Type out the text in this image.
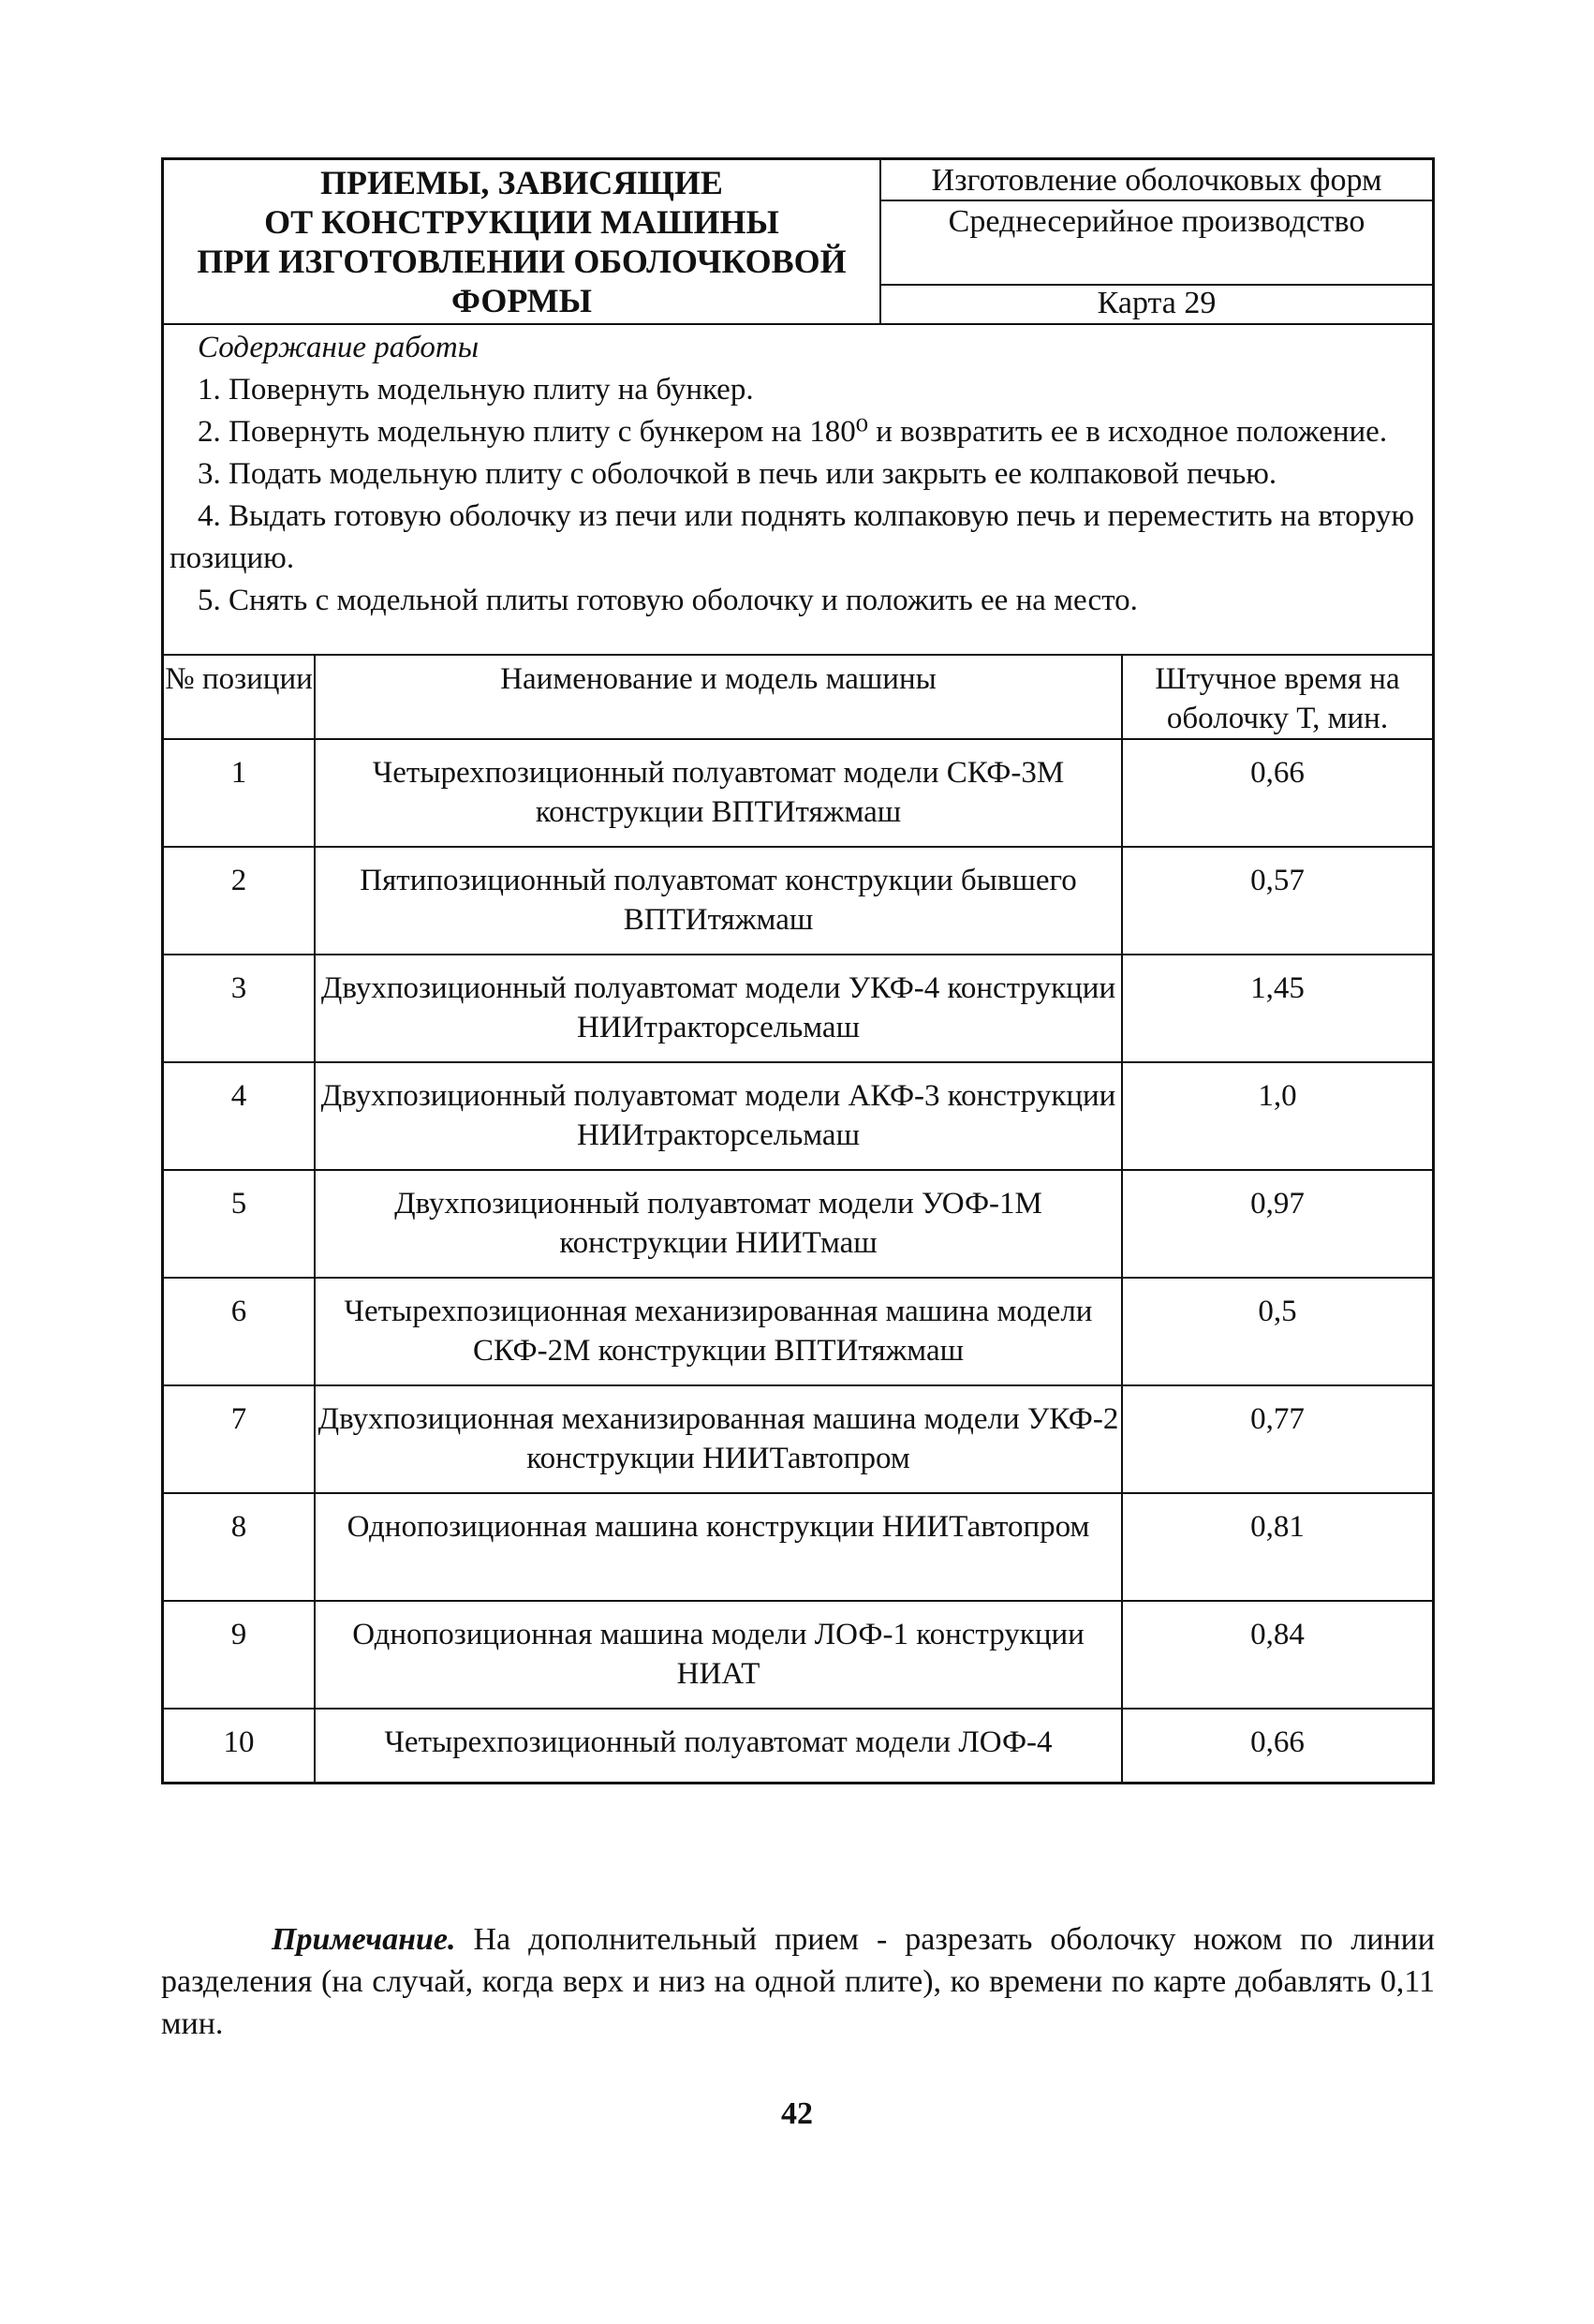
ПРИЕМЫ, ЗАВИСЯЩИЕ
ОТ КОНСТРУКЦИИ МАШИНЫ
ПРИ ИЗГОТОВЛЕНИИ ОБОЛОЧКОВОЙ
ФОРМЫ
Изготовление оболочковых форм
Среднесерийное производство
Карта 29
Содержание работы

1. Повернуть модельную плиту на бункер.

2. Повернуть модельную плиту с бункером на 180⁰ и возвратить ее в исходное положение.

3. Подать модельную плиту с оболочкой в печь или закрыть ее колпаковой печью.

4. Выдать готовую оболочку из печи или поднять колпаковую печь и переместить на вторую позицию.

5. Снять с модельной плиты готовую оболочку и положить ее на место.

№ позиции	Наименование и модель машины	Штучное время на оболочку Т, мин.
1	Четырехпозиционный полуавтомат модели СКФ-3М конструкции ВПТИтяжмаш	0,66
2	Пятипозиционный полуавтомат конструкции бывшего ВПТИтяжмаш	0,57
3	Двухпозиционный полуавтомат модели УКФ-4 конструкции НИИтракторсельмаш	1,45
4	Двухпозиционный полуавтомат модели АКФ-3 конструкции НИИтракторсельмаш	1,0
5	Двухпозиционный полуавтомат модели УОФ-1М конструкции НИИТмаш	0,97
6	Четырехпозиционная механизированная машина модели СКФ-2М конструкции ВПТИтяжмаш	0,5
7	Двухпозиционная механизированная машина модели УКФ-2 конструкции НИИТавтопром	0,77
8	Однопозиционная машина конструкции НИИТавтопром	0,81
9	Однопозиционная машина модели ЛОФ-1 конструкции НИАТ	0,84
10	Четырехпозиционный полуавтомат модели ЛОФ-4	0,66

Примечание. На дополнительный прием - разрезать оболочку ножом по линии разделения (на случай, когда верх и низ на одной плите), ко времени по карте добавлять 0,11 мин.

42
